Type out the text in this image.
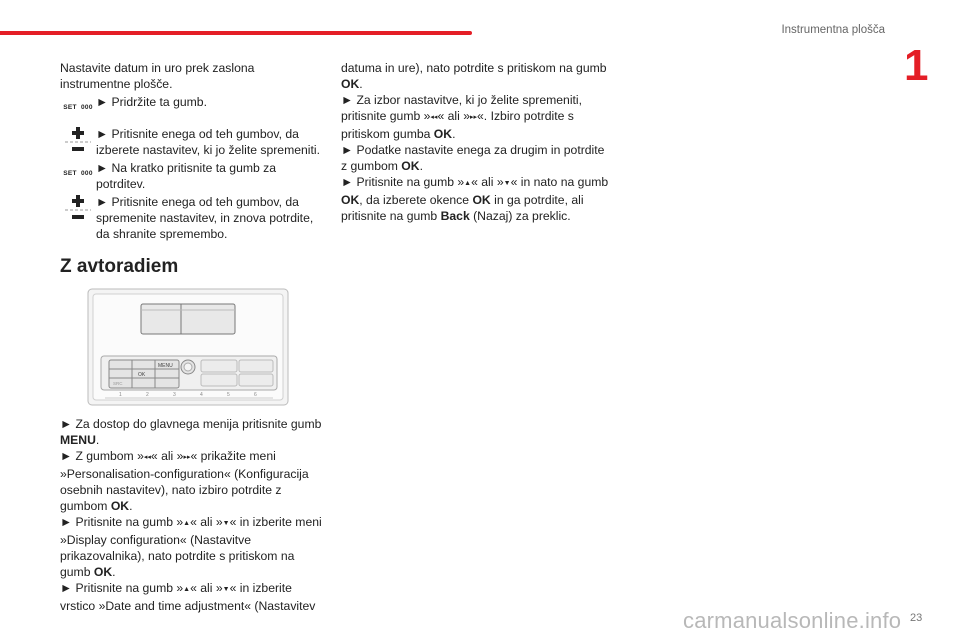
Instrumentna plošča
1

Nastavite datum in uro prek zaslona instrumentne plošče.

SET  000 ► Pridržite ta gumb.
► Pritisnite enega od teh gumbov, da izberete nastavitev, ki jo želite spremeniti.
SET  000 ► Na kratko pritisnite ta gumb za potrditev.
► Pritisnite enega od teh gumbov, da spremenite nastavitev, in znova potrdite, da shranite spremembo.
Z avtoradiem
MENU
OK
SRC
1	2	3	4	5	6

► Za dostop do glavnega menija pritisnite gumb MENU.

► Z gumbom »◂◂« ali »▸▸« prikažite meni »Personalisation-configuration« (Konfiguracija osebnih nastavitev), nato izbiro potrdite z gumbom OK.

► Pritisnite na gumb »▲« ali »▼« in izberite meni »Display configuration« (Nastavitve prikazovalnika), nato potrdite s pritiskom na gumb OK.

► Pritisnite na gumb »▲« ali »▼« in izberite vrstico »Date and time adjustment« (Nastavitev

datuma in ure), nato potrdite s pritiskom na gumb OK.

► Za izbor nastavitve, ki jo želite spremeniti, pritisnite gumb »◂◂« ali »▸▸«. Izbiro potrdite s pritiskom gumba OK.

► Podatke nastavite enega za drugim in potrdite z gumbom OK.

► Pritisnite na gumb »▲« ali »▼« in nato na gumb OK, da izberete okence OK in ga potrdite, ali pritisnite na gumb Back (Nazaj) za preklic.

23
carmanualsonline.info
